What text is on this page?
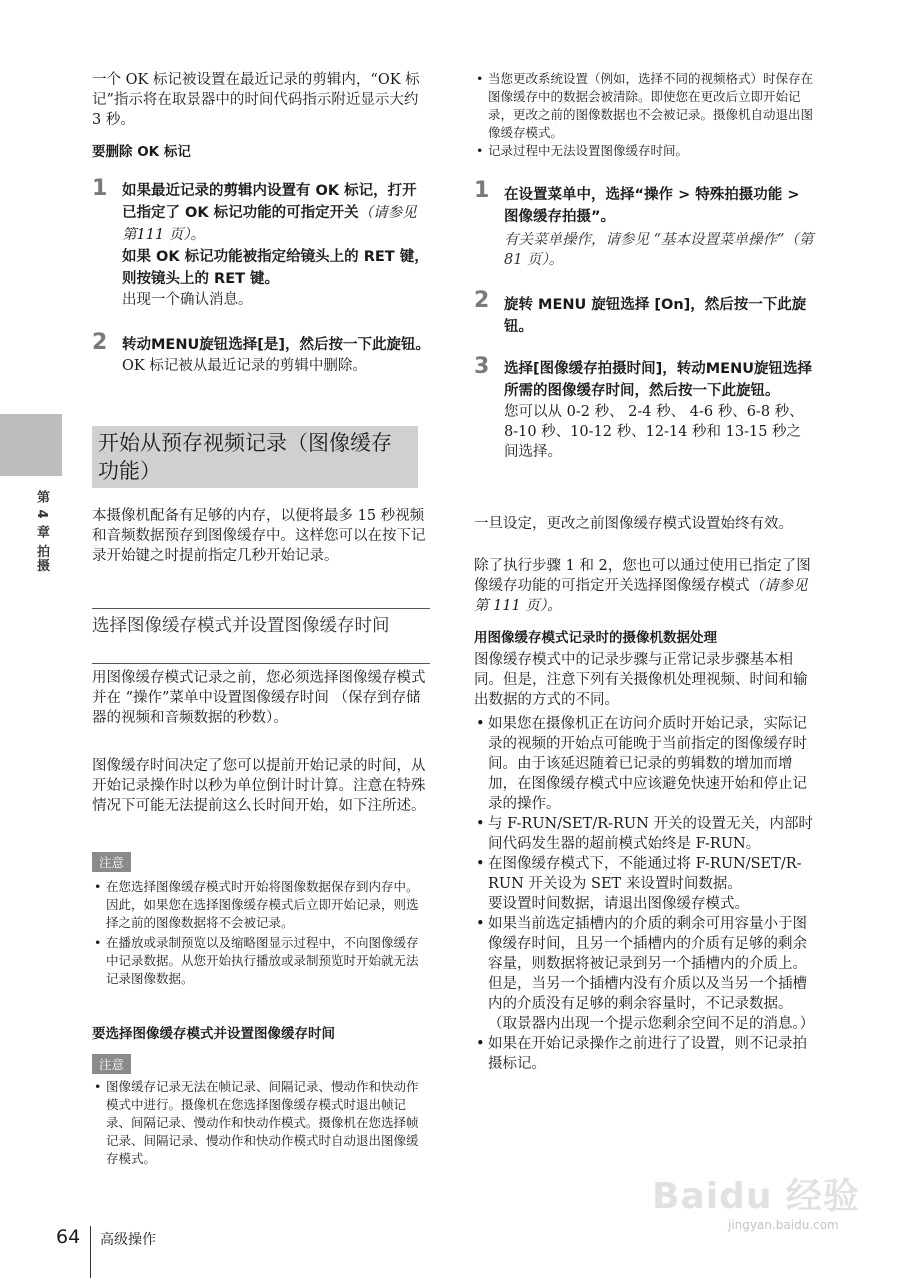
第 4 章 拍摄
一个 OK 标记被设置在最近记录的剪辑内，“OK 标记”指示将在取景器中的时间代码指示附近显示大约 3 秒。
要删除 OK 标记
1 如果最近记录的剪辑内设置有 OK 标记，打开已指定了 OK 标记功能的可指定开关（请参见第111 页）。
如果 OK 标记功能被指定给镜头上的 RET 键，则按镜头上的 RET 键。
出现一个确认消息。
2 转动MENU旋钮选择[是]，然后按一下此旋钮。
OK 标记被从最近记录的剪辑中删除。
开始从预存视频记录（图像缓存功能）
本摄像机配备有足够的内存，以便将最多 15 秒视频和音频数据预存到图像缓存中。这样您可以在按下记录开始键之时提前指定几秒开始记录。
选择图像缓存模式并设置图像缓存时间
用图像缓存模式记录之前，您必须选择图像缓存模式并在 “操作”菜单中设置图像缓存时间 （保存到存储器的视频和音频数据的秒数）。
图像缓存时间决定了您可以提前开始记录的时间，从开始记录操作时以秒为单位倒计时计算。注意在特殊情况下可能无法提前这么长时间开始，如下注所述。
注意
• 在您选择图像缓存模式时开始将图像数据保存到内存中。因此，如果您在选择图像缓存模式后立即开始记录，则选择之前的图像数据将不会被记录。
• 在播放或录制预览以及缩略图显示过程中，不向图像缓存中记录数据。从您开始执行播放或录制预览时开始就无法记录图像数据。
要选择图像缓存模式并设置图像缓存时间
注意
• 图像缓存记录无法在帧记录、间隔记录、慢动作和快动作模式中进行。摄像机在您选择图像缓存模式时退出帧记录、间隔记录、慢动作和快动作模式。摄像机在您选择帧记录、间隔记录、慢动作和快动作模式时自动退出图像缓存模式。
• 当您更改系统设置（例如，选择不同的视频格式）时保存在图像缓存中的数据会被清除。即使您在更改后立即开始记录，更改之前的图像数据也不会被记录。摄像机自动退出图像缓存模式。
• 记录过程中无法设置图像缓存时间。
1 在设置菜单中，选择“操作 > 特殊拍摄功能 > 图像缓存拍摄”。
有关菜单操作，请参见 “基本设置菜单操作”（第 81 页）。
2 旋转 MENU 旋钮选择 [On]，然后按一下此旋钮。
3 选择[图像缓存拍摄时间]，转动MENU旋钮选择所需的图像缓存时间，然后按一下此旋钮。
您可以从 0-2 秒、 2-4 秒、 4-6 秒、6-8 秒、8-10 秒、10-12 秒、12-14 秒和 13-15 秒之间选择。
一旦设定，更改之前图像缓存模式设置始终有效。
除了执行步骤 1 和 2，您也可以通过使用已指定了图像缓存功能的可指定开关选择图像缓存模式（请参见第 111 页）。
用图像缓存模式记录时的摄像机数据处理
图像缓存模式中的记录步骤与正常记录步骤基本相同。但是，注意下列有关摄像机处理视频、时间和输出数据的方式的不同。
• 如果您在摄像机正在访问介质时开始记录，实际记录的视频的开始点可能晚于当前指定的图像缓存时间。由于该延迟随着已记录的剪辑数的增加而增加，在图像缓存模式中应该避免快速开始和停止记录的操作。
• 与 F-RUN/SET/R-RUN 开关的设置无关，内部时间代码发生器的超前模式始终是 F-RUN。
• 在图像缓存模式下，不能通过将 F-RUN/SET/R-RUN 开关设为 SET 来设置时间数据。
要设置时间数据，请退出图像缓存模式。
• 如果当前选定插槽内的介质的剩余可用容量小于图像缓存时间，且另一个插槽内的介质有足够的剩余容量，则数据将被记录到另一个插槽内的介质上。
但是，当另一个插槽内没有介质以及当另一个插槽内的介质没有足够的剩余容量时，不记录数据。（取景器内出现一个提示您剩余空间不足的消息。）
• 如果在开始记录操作之前进行了设置，则不记录拍摄标记。
64 高级操作
Baidu 经验
jingyan.baidu.com
